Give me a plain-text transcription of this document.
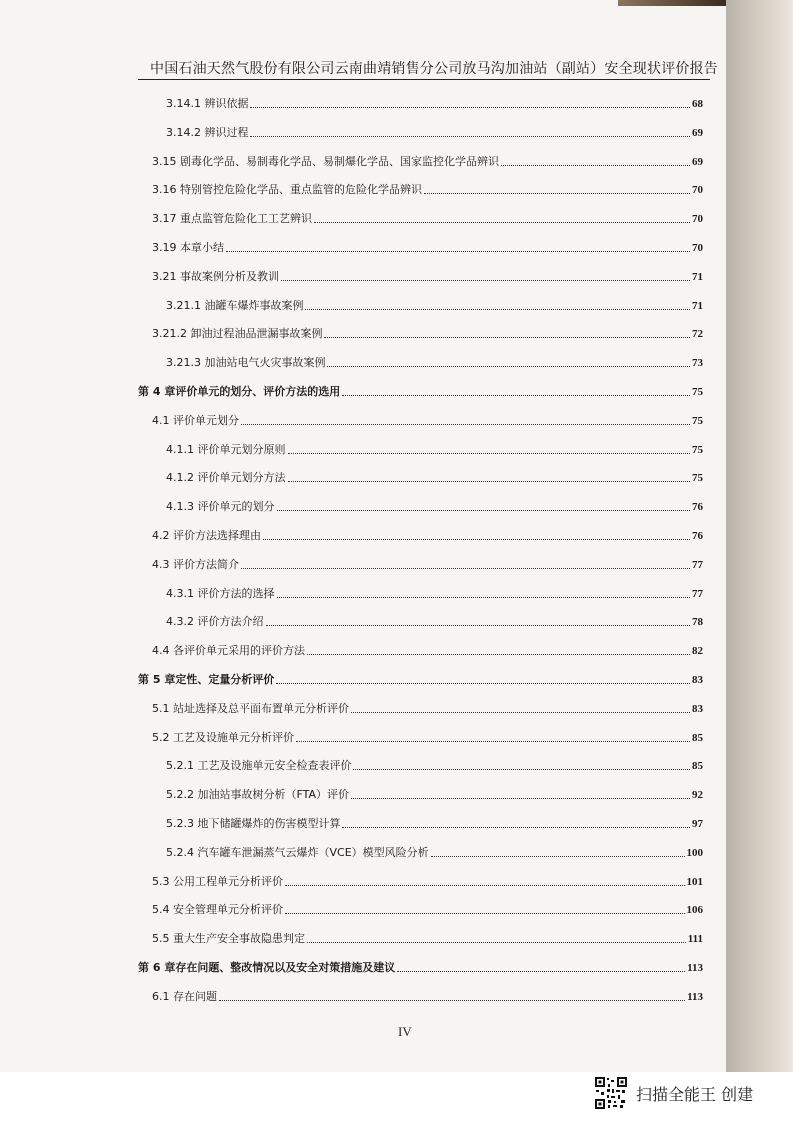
中国石油天然气股份有限公司云南曲靖销售分公司放马沟加油站（副站）安全现状评价报告
3.14.1 辨识依据	68
3.14.2 辨识过程	69
3.15 剧毒化学品、易制毒化学品、易制爆化学品、国家监控化学品辨识	69
3.16 特别管控危险化学品、重点监管的危险化学品辨识	70
3.17 重点监管危险化工工艺辨识	70
3.19 本章小结	70
3.21 事故案例分析及教训	71
3.21.1 油罐车爆炸事故案例	71
3.21.2 卸油过程油品泄漏事故案例	72
3.21.3 加油站电气火灾事故案例	73
第 4 章评价单元的划分、评价方法的选用	75
4.1 评价单元划分	75
4.1.1 评价单元划分原则	75
4.1.2 评价单元划分方法	75
4.1.3 评价单元的划分	76
4.2 评价方法选择理由	76
4.3 评价方法简介	77
4.3.1 评价方法的选择	77
4.3.2 评价方法介绍	78
4.4 各评价单元采用的评价方法	82
第 5 章定性、定量分析评价	83
5.1 站址选择及总平面布置单元分析评价	83
5.2 工艺及设施单元分析评价	85
5.2.1 工艺及设施单元安全检查表评价	85
5.2.2 加油站事故树分析（FTA）评价	92
5.2.3 地下储罐爆炸的伤害模型计算	97
5.2.4 汽车罐车泄漏蒸气云爆炸（VCE）模型风险分析	100
5.3 公用工程单元分析评价	101
5.4 安全管理单元分析评价	106
5.5 重大生产安全事故隐患判定	111
第 6 章存在问题、整改情况以及安全对策措施及建议	113
6.1 存在问题	113
IV
扫描全能王 创建
